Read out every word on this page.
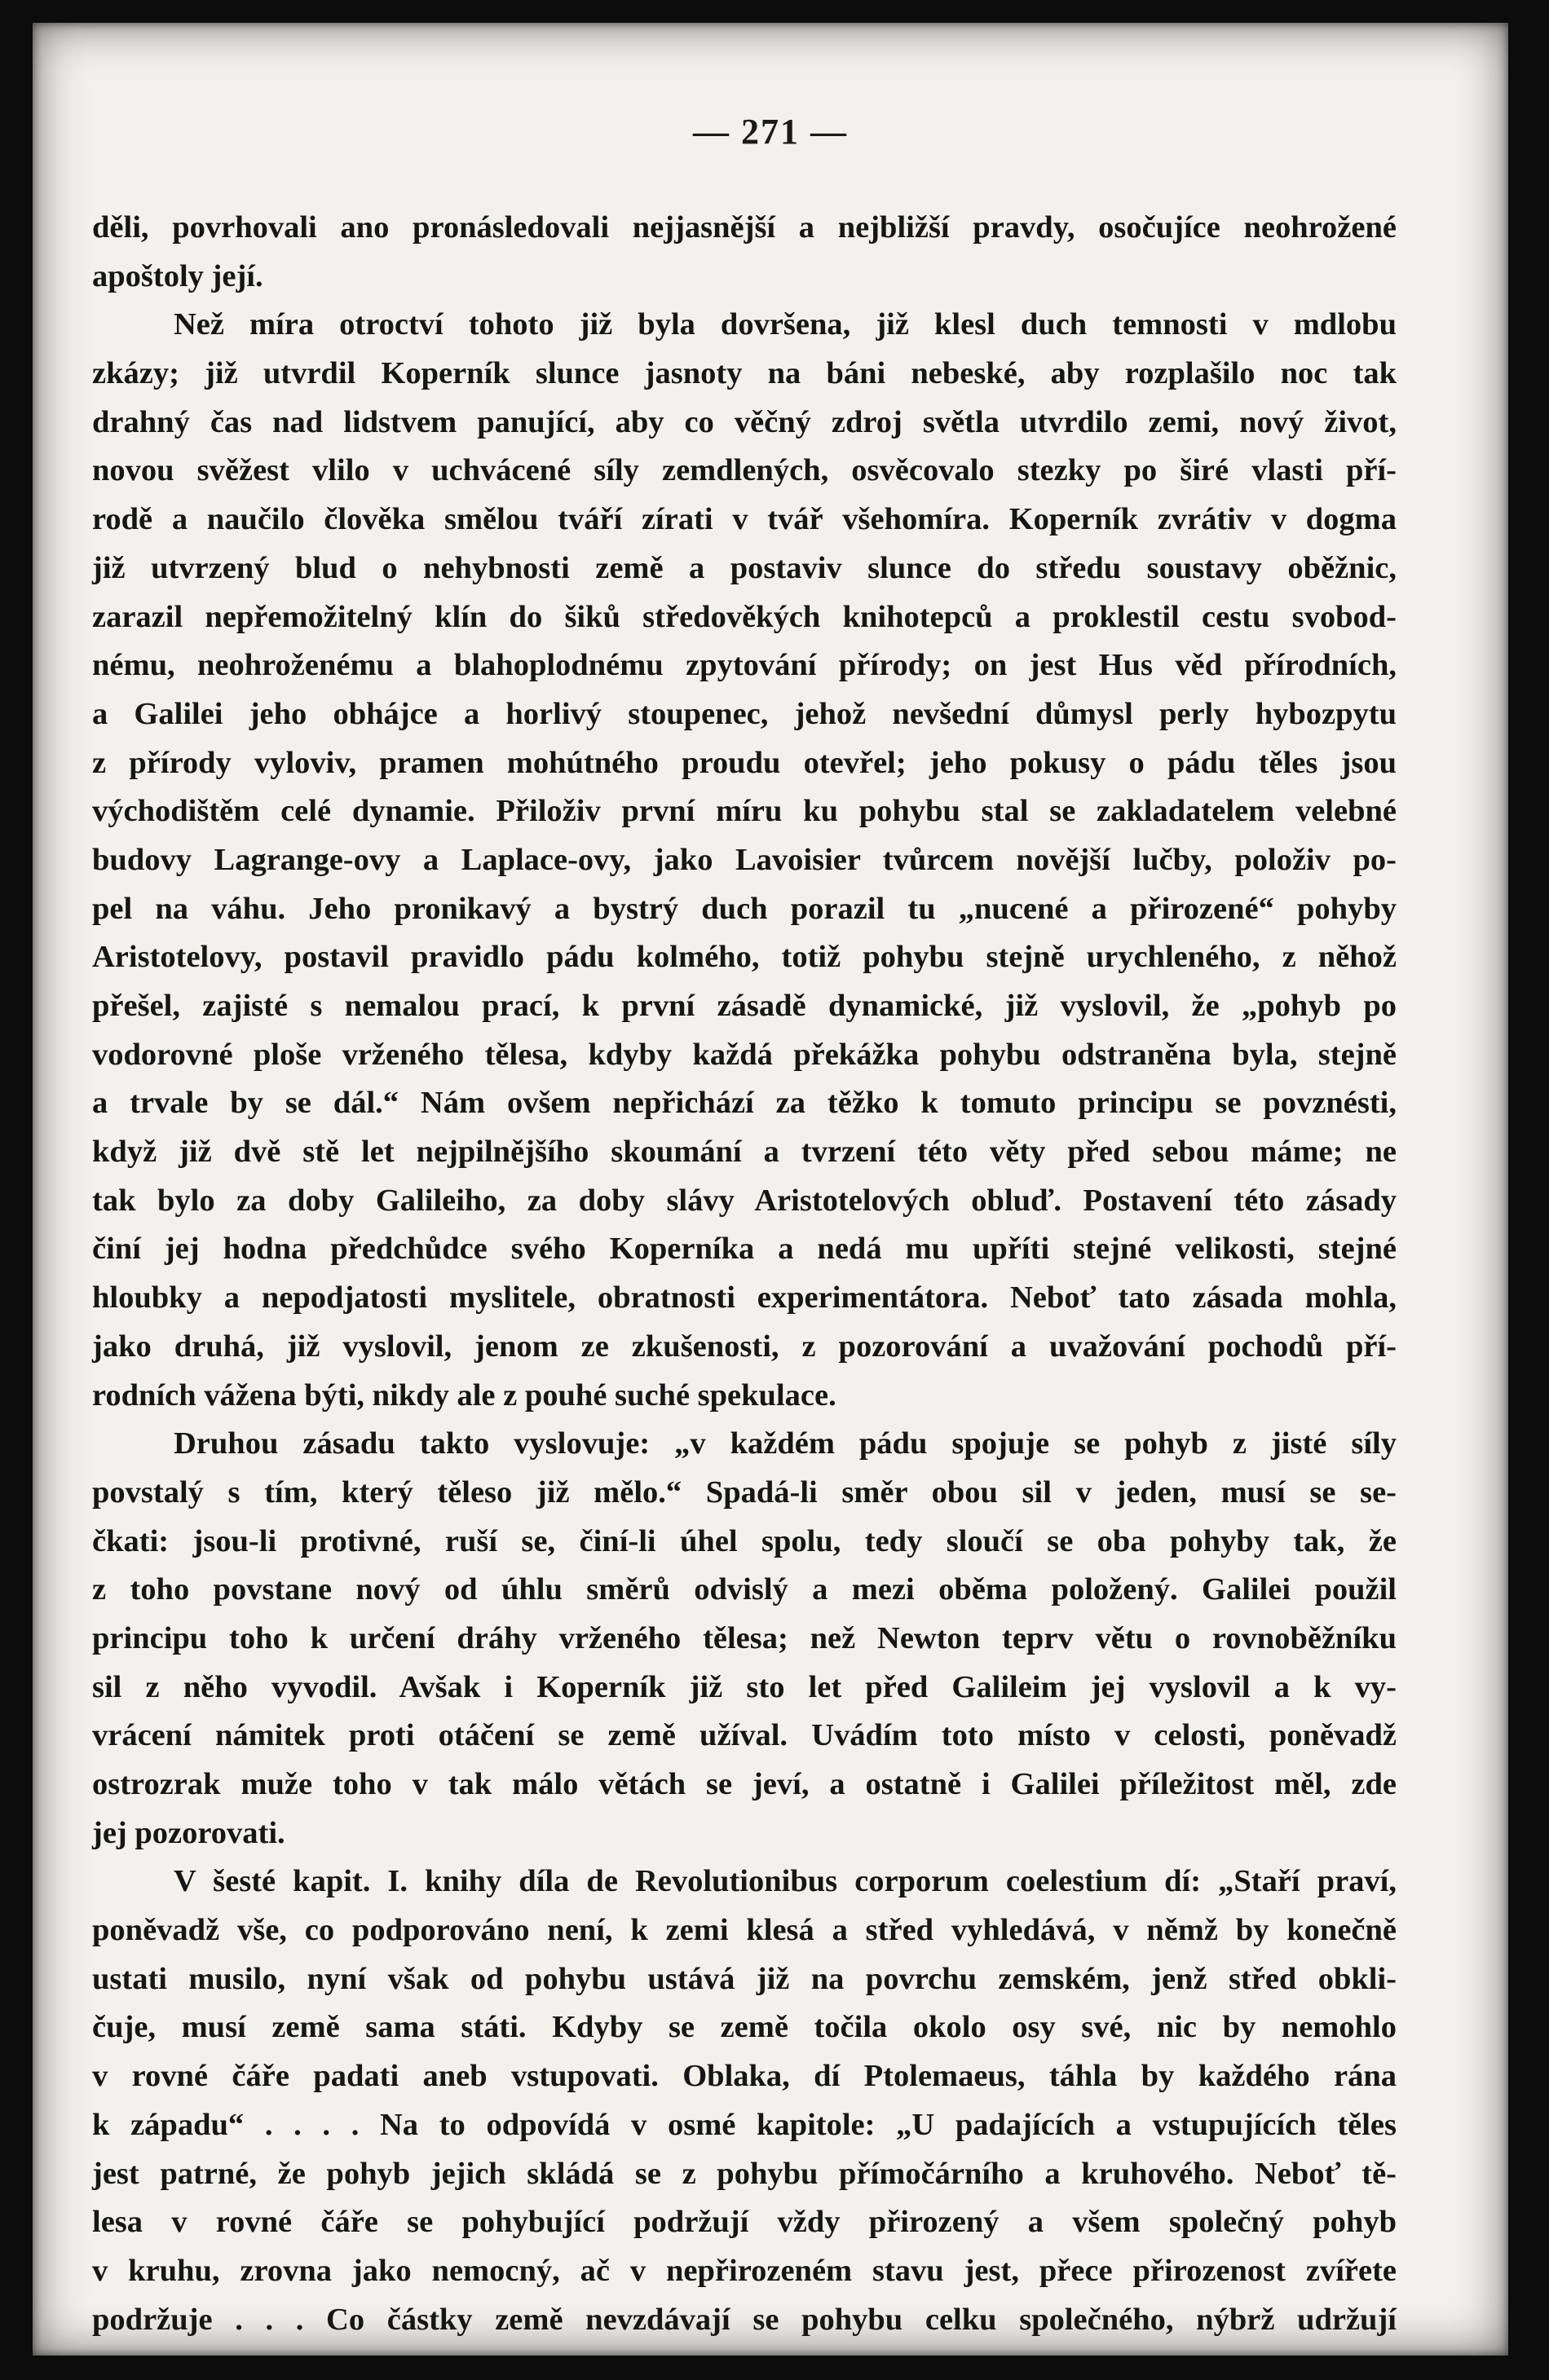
— 271 —
děli, povrhovali ano pronásledovali nejjasnější a nejbližší pravdy, osočujíce neohrožené
apoštoly její.
Než míra otroctví tohoto již byla dovršena, již klesl duch temnosti v mdlobu
zkázy; již utvrdil Koperník slunce jasnoty na báni nebeské, aby rozplašilo noc tak
drahný čas nad lidstvem panující, aby co věčný zdroj světla utvrdilo zemi, nový život,
novou svěžest vlilo v uchvácené síly zemdlených, osvěcovalo stezky po širé vlasti pří-
rodě a naučilo člověka smělou tváří zírati v tvář všehomíra. Koperník zvrátiv v dogma
již utvrzený blud o nehybnosti země a postaviv slunce do středu soustavy oběžnic,
zarazil nepřemožitelný klín do šiků středověkých knihotepců a proklestil cestu svobod-
nému, neohroženému a blahoplodnému zpytování přírody; on jest Hus věd přírodních,
a Galilei jeho obhájce a horlivý stoupenec, jehož nevšední důmysl perly hybozpytu
z přírody vyloviv, pramen mohútného proudu otevřel; jeho pokusy o pádu těles jsou
východištěm celé dynamie. Přiloživ první míru ku pohybu stal se zakladatelem velebné
budovy Lagrange-ovy a Laplace-ovy, jako Lavoisier tvůrcem novější lučby, položiv po-
pel na váhu. Jeho pronikavý a bystrý duch porazil tu „nucené a přirozené“ pohyby
Aristotelovy, postavil pravidlo pádu kolmého, totiž pohybu stejně urychleného, z něhož
přešel, zajisté s nemalou prací, k první zásadě dynamické, již vyslovil, že „pohyb po
vodorovné ploše vrženého tělesa, kdyby každá překážka pohybu odstraněna byla, stejně
a trvale by se dál.“ Nám ovšem nepřichází za těžko k tomuto principu se povznésti,
když již dvě stě let nejpilnějšího skoumání a tvrzení této věty před sebou máme; ne
tak bylo za doby Galileiho, za doby slávy Aristotelových obluď. Postavení této zásady
činí jej hodna předchůdce svého Koperníka a nedá mu upříti stejné velikosti, stejné
hloubky a nepodjatosti myslitele, obratnosti experimentátora. Neboť tato zásada mohla,
jako druhá, již vyslovil, jenom ze zkušenosti, z pozorování a uvažování pochodů pří-
rodních vážena býti, nikdy ale z pouhé suché spekulace.
Druhou zásadu takto vyslovuje: „v každém pádu spojuje se pohyb z jisté síly
povstalý s tím, který těleso již mělo.“ Spadá-li směr obou sil v jeden, musí se se-
čkati: jsou-li protivné, ruší se, činí-li úhel spolu, tedy sloučí se oba pohyby tak, že
z toho povstane nový od úhlu směrů odvislý a mezi oběma položený. Galilei použil
principu toho k určení dráhy vrženého tělesa; než Newton teprv větu o rovnoběžníku
sil z něho vyvodil. Avšak i Koperník již sto let před Galileim jej vyslovil a k vy-
vrácení námitek proti otáčení se země užíval. Uvádím toto místo v celosti, poněvadž
ostrozrak muže toho v tak málo větách se jeví, a ostatně i Galilei příležitost měl, zde
jej pozorovati.
V šesté kapit. I. knihy díla de Revolutionibus corporum coelestium dí: „Staří praví,
poněvadž vše, co podporováno není, k zemi klesá a střed vyhledává, v němž by konečně
ustati musilo, nyní však od pohybu ustává již na povrchu zemském, jenž střed obkli-
čuje, musí země sama státi. Kdyby se země točila okolo osy své, nic by nemohlo
v rovné čáře padati aneb vstupovati. Oblaka, dí Ptolemaeus, táhla by každého rána
k západu“ . . . . Na to odpovídá v osmé kapitole: „U padajících a vstupujících těles
jest patrné, že pohyb jejich skládá se z pohybu přímočárního a kruhového. Neboť tě-
lesa v rovné čáře se pohybující podržují vždy přirozený a všem společný pohyb
v kruhu, zrovna jako nemocný, ač v nepřirozeném stavu jest, přece přirozenost zvířete
podržuje . . . Co částky země nevzdávají se pohybu celku společného, nýbrž udržují
